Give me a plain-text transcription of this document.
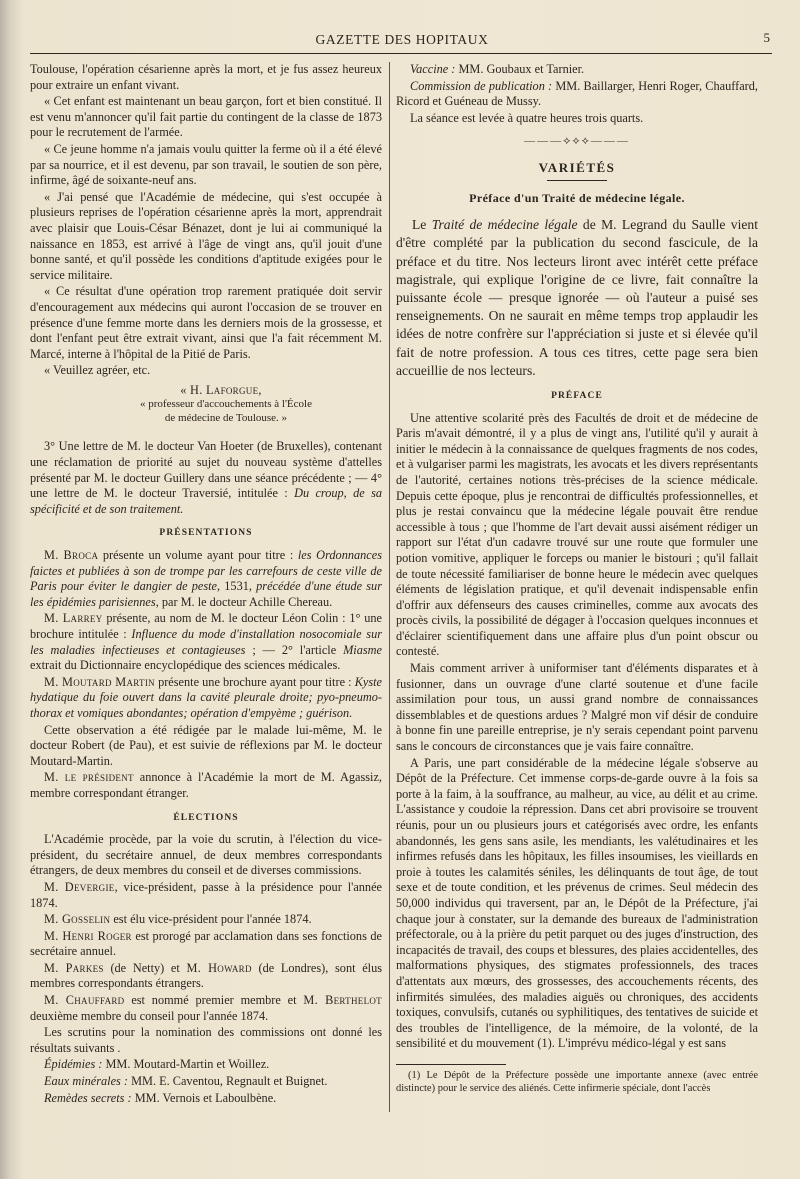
GAZETTE DES HOPITAUX	5

Toulouse, l'opération césarienne après la mort, et je fus assez heureux pour extraire un enfant vivant.

« Cet enfant est maintenant un beau garçon, fort et bien constitué. Il est venu m'annoncer qu'il fait partie du contingent de la classe de 1873 pour le recrutement de l'armée.

« Ce jeune homme n'a jamais voulu quitter la ferme où il a été élevé par sa nourrice, et il est devenu, par son travail, le soutien de son père, infirme, âgé de soixante-neuf ans.

« J'ai pensé que l'Académie de médecine, qui s'est occupée à plusieurs reprises de l'opération césarienne après la mort, apprendrait avec plaisir que Louis-César Bénazet, dont je lui ai communiqué la naissance en 1853, est arrivé à l'âge de vingt ans, qu'il jouit d'une bonne santé, et qu'il possède les conditions d'aptitude exigées pour le service militaire.

« Ce résultat d'une opération trop rarement pratiquée doit servir d'encouragement aux médecins qui auront l'occasion de se trouver en présence d'une femme morte dans les derniers mois de la grossesse, et dont l'enfant peut être extrait vivant, ainsi que l'a fait récemment M. Marcé, interne à l'hôpital de la Pitié de Paris.

« Veuillez agréer, etc.

« H. Laforgue,
« professeur d'accouchements à l'École
de médecine de Toulouse. »

3° Une lettre de M. le docteur Van Hoeter (de Bruxelles), contenant une réclamation de priorité au sujet du nouveau système d'attelles présenté par M. le docteur Guillery dans une séance précédente ; — 4° une lettre de M. le docteur Traversié, intitulée : Du croup, de sa spécificité et de son traitement.

PRÉSENTATIONS

M. Broca présente un volume ayant pour titre : les Ordonnances faictes et publiées à son de trompe par les carrefours de ceste ville de Paris pour éviter le dangier de peste, 1531, précédée d'une étude sur les épidémies parisiennes, par M. le docteur Achille Chereau.

M. Larrey présente, au nom de M. le docteur Léon Colin : 1° une brochure intitulée : Influence du mode d'installation nosocomiale sur les maladies infectieuses et contagieuses ; — 2° l'article Miasme extrait du Dictionnaire encyclopédique des sciences médicales.

M. Moutard Martin présente une brochure ayant pour titre : Kyste hydatique du foie ouvert dans la cavité pleurale droite; pyo-pneumo-thorax et vomiques abondantes; opération d'empyème ; guérison.

Cette observation a été rédigée par le malade lui-même, M. le docteur Robert (de Pau), et est suivie de réflexions par M. le docteur Moutard-Martin.

M. le président annonce à l'Académie la mort de M. Agassiz, membre correspondant étranger.

ÉLECTIONS

L'Académie procède, par la voie du scrutin, à l'élection du vice-président, du secrétaire annuel, de deux membres correspondants étrangers, de deux membres du conseil et de diverses commissions.

M. Devergie, vice-président, passe à la présidence pour l'année 1874.

M. Gosselin est élu vice-président pour l'année 1874.

M. Henri Roger est prorogé par acclamation dans ses fonctions de secrétaire annuel.

M. Parkes (de Netty) et M. Howard (de Londres), sont élus membres correspondants étrangers.

M. Chauffard est nommé premier membre et M. Berthelot deuxième membre du conseil pour l'année 1874.

Les scrutins pour la nomination des commissions ont donné les résultats suivants .

Épidémies : MM. Moutard-Martin et Woillez.

Eaux minérales : MM. E. Caventou, Regnault et Buignet.

Remèdes secrets : MM. Vernois et Laboulbène.

Vaccine : MM. Goubaux et Tarnier.

Commission de publication : MM. Baillarger, Henri Roger, Chauffard, Ricord et Guéneau de Mussy.

La séance est levée à quatre heures trois quarts.

———⟡⟡⟡———
VARIÉTÉS
Préface d'un Traité de médecine légale.

Le Traité de médecine légale de M. Legrand du Saulle vient d'être complété par la publication du second fascicule, de la préface et du titre. Nos lecteurs liront avec intérêt cette préface magistrale, qui explique l'origine de ce livre, fait connaître la puissante école — presque ignorée — où l'auteur a puisé ses renseignements. On ne saurait en même temps trop applaudir les idées de notre confrère sur l'appréciation si juste et si élevée qu'il fait de notre profession. A tous ces titres, cette page sera bien accueillie de nos lecteurs.

PRÉFACE

Une attentive scolarité près des Facultés de droit et de médecine de Paris m'avait démontré, il y a plus de vingt ans, l'utilité qu'il y aurait à initier le médecin à la connaissance de quelques fragments de nos codes, et à vulgariser parmi les magistrats, les avocats et les divers représentants de l'autorité, certaines notions très-précises de la science médicale. Depuis cette époque, plus je rencontrai de difficultés professionnelles, et plus je restai convaincu que la médecine légale pouvait être rendue accessible à tous ; que l'homme de l'art devait aussi aisément rédiger un rapport sur l'état d'un cadavre trouvé sur une route que formuler une potion vomitive, appliquer le forceps ou manier le bistouri ; qu'il fallait de toute nécessité familiariser de bonne heure le médecin avec quelques éléments de législation pratique, et qu'il devenait indispensable enfin d'offrir aux défenseurs des causes criminelles, comme aux avocats des procès civils, la possibilité de dégager à l'occasion quelques inconnues et d'éclairer scientifiquement dans une affaire plus d'un point obscur ou contesté.

Mais comment arriver à uniformiser tant d'éléments disparates et à fusionner, dans un ouvrage d'une clarté soutenue et d'une facile assimilation pour tous, un aussi grand nombre de connaissances dissemblables et de questions ardues ? Malgré mon vif désir de conduire à bonne fin une pareille entreprise, je n'y serais cependant point parvenu sans le concours de circonstances que je vais faire connaître.

A Paris, une part considérable de la médecine légale s'observe au Dépôt de la Préfecture. Cet immense corps-de-garde ouvre à la fois sa porte à la faim, à la souffrance, au malheur, au vice, au délit et au crime. L'assistance y coudoie la répression. Dans cet abri provisoire se trouvent réunis, pour un ou plusieurs jours et catégorisés avec ordre, les enfants abandonnés, les gens sans asile, les mendiants, les valétudinaires et les infirmes refusés dans les hôpitaux, les filles insoumises, les vieillards en proie à toutes les calamités séniles, les délinquants de tout âge, de tout sexe et de toute condition, et les prévenus de crimes. Seul médecin des 50,000 individus qui traversent, par an, le Dépôt de la Préfecture, j'ai chaque jour à constater, sur la demande des bureaux de l'administration préfectorale, ou à la prière du petit parquet ou des juges d'instruction, des incapacités de travail, des coups et blessures, des plaies accidentelles, des malformations physiques, des stigmates professionnels, des traces d'attentats aux mœurs, des grossesses, des accouchements récents, des infirmités simulées, des maladies aiguës ou chroniques, des accidents toxiques, convulsifs, cutanés ou syphilitiques, des tentatives de suicide et des troubles de l'intelligence, de la mémoire, de la volonté, de la sensibilité et du mouvement (1). L'imprévu médico-légal y est sans

(1) Le Dépôt de la Préfecture possède une importante annexe (avec entrée distincte) pour le service des aliénés. Cette infirmerie spéciale, dont l'accès
